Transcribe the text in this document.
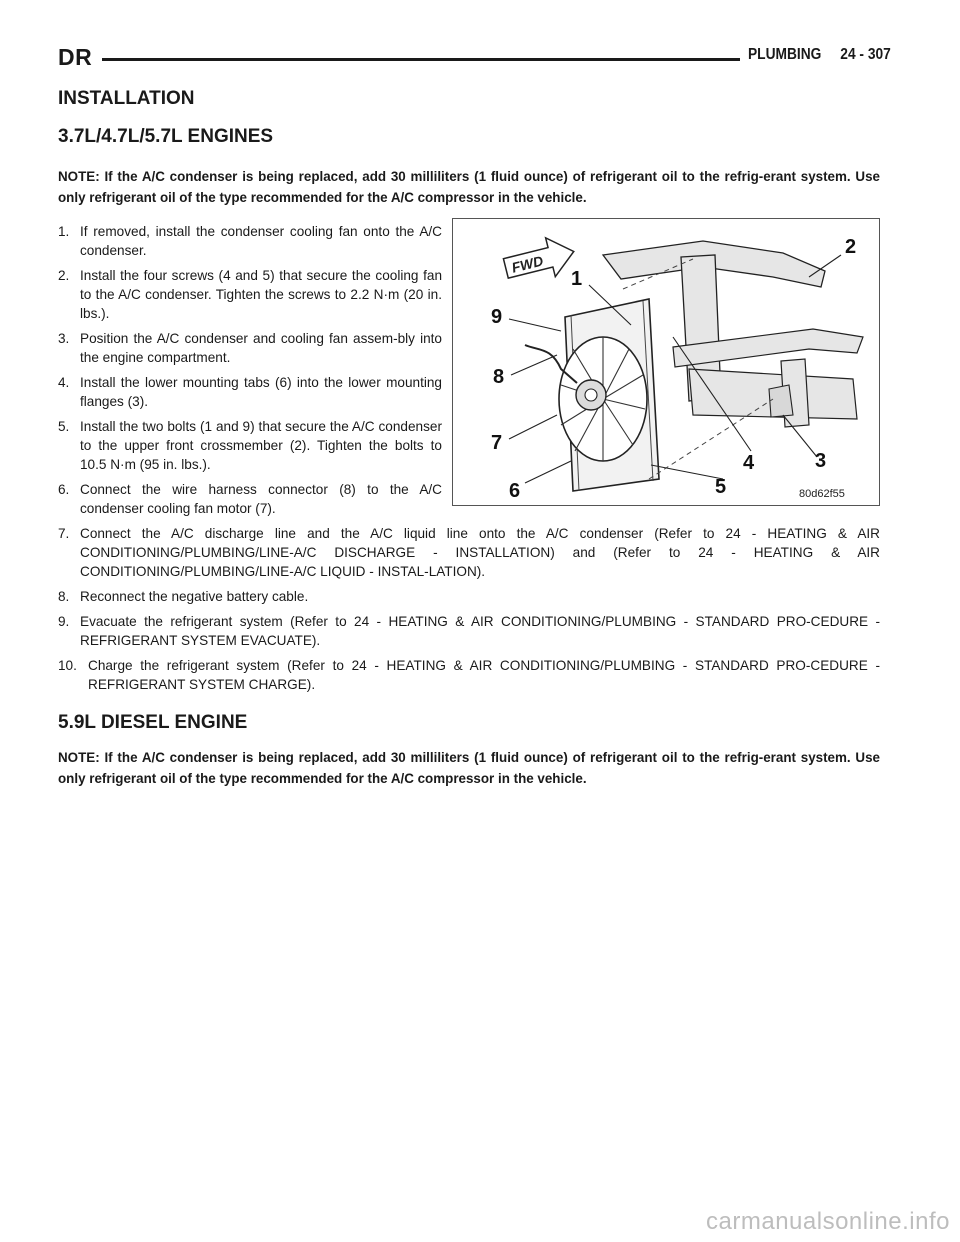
DR	PLUMBING 24 - 307
INSTALLATION
3.7L/4.7L/5.7L ENGINES

NOTE: If the A/C condenser is being replaced, add 30 milliliters (1 fluid ounce) of refrigerant oil to the refrig-erant system. Use only refrigerant oil of the type recommended for the A/C compressor in the vehicle.

1. If removed, install the condenser cooling fan onto the A/C condenser.
2. Install the four screws (4 and 5) that secure the cooling fan to the A/C condenser. Tighten the screws to 2.2 N·m (20 in. lbs.).
3. Position the A/C condenser and cooling fan assem-bly into the engine compartment.
4. Install the lower mounting tabs (6) into the lower mounting flanges (3).
5. Install the two bolts (1 and 9) that secure the A/C condenser to the upper front crossmember (2). Tighten the bolts to 10.5 N·m (95 in. lbs.).
6. Connect the wire harness connector (8) to the A/C condenser cooling fan motor (7).
7. Connect the A/C discharge line and the A/C liquid line onto the A/C condenser (Refer to 24 - HEATING & AIR CONDITIONING/PLUMBING/LINE-A/C DISCHARGE - INSTALLATION) and (Refer to 24 - HEATING & AIR CONDITIONING/PLUMBING/LINE-A/C LIQUID - INSTAL-LATION).
8. Reconnect the negative battery cable.
9. Evacuate the refrigerant system (Refer to 24 - HEATING & AIR CONDITIONING/PLUMBING - STANDARD PRO-CEDURE - REFRIGERANT SYSTEM EVACUATE).
10. Charge the refrigerant system (Refer to 24 - HEATING & AIR CONDITIONING/PLUMBING - STANDARD PRO-CEDURE - REFRIGERANT SYSTEM CHARGE).
5.9L DIESEL ENGINE

NOTE: If the A/C condenser is being replaced, add 30 milliliters (1 fluid ounce) of refrigerant oil to the refrig-erant system. Use only refrigerant oil of the type recommended for the A/C compressor in the vehicle.

FWD
1
2
3
4
5
6
7
8
9
80d62f55
carmanualsonline.info
